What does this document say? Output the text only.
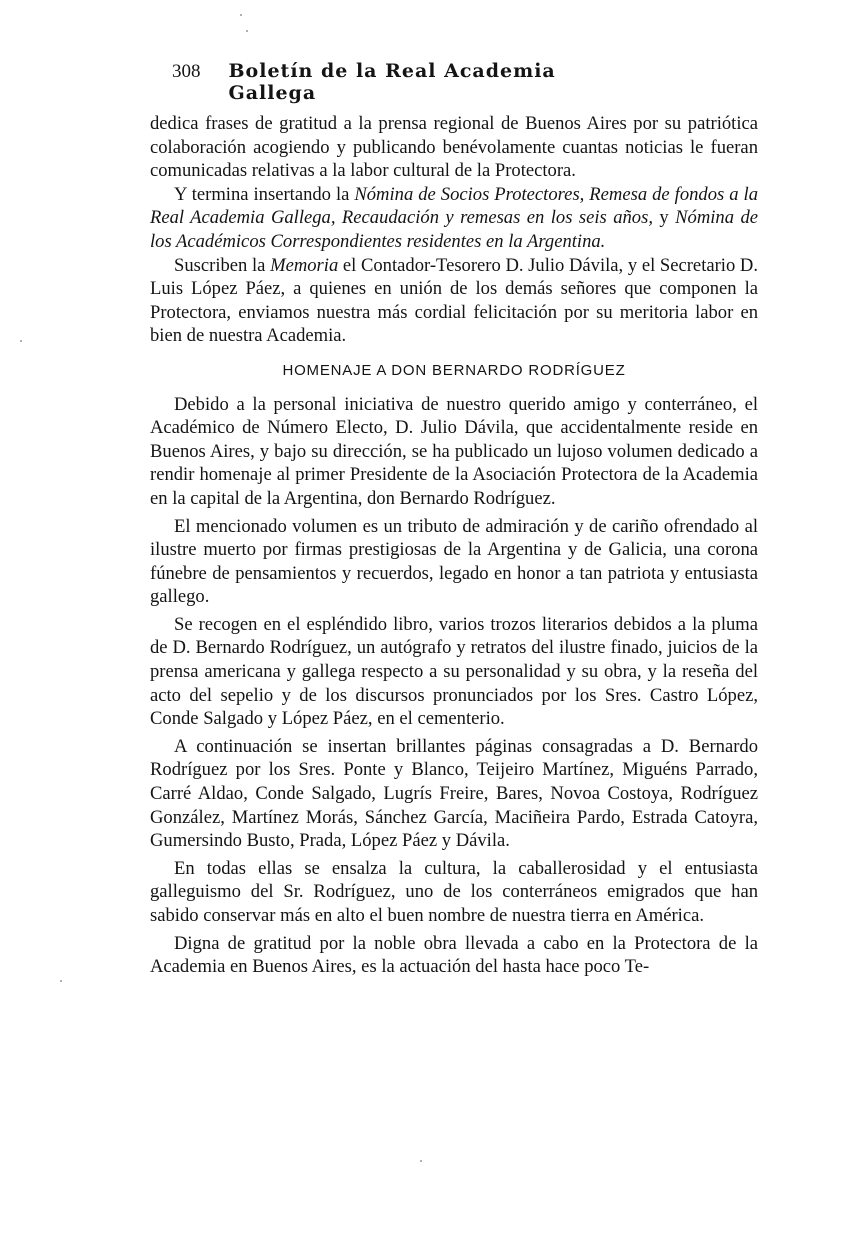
308 Boletín de la Real Academia Gallega

dedica frases de gratitud a la prensa regional de Buenos Aires por su patriótica colaboración acogiendo y publicando benévolamente cuantas noticias le fueran comunicadas relativas a la labor cultural de la Protectora.

Y termina insertando la Nómina de Socios Protectores, Remesa de fondos a la Real Academia Gallega, Recaudación y remesas en los seis años, y Nómina de los Académicos Correspondientes residentes en la Argentina.

Suscriben la Memoria el Contador-Tesorero D. Julio Dávila, y el Secretario D. Luis López Páez, a quienes en unión de los demás señores que componen la Protectora, enviamos nuestra más cordial felicitación por su meritoria labor en bien de nuestra Academia.

HOMENAJE A DON BERNARDO RODRÍGUEZ

Debido a la personal iniciativa de nuestro querido amigo y conterráneo, el Académico de Número Electo, D. Julio Dávila, que accidentalmente reside en Buenos Aires, y bajo su dirección, se ha publicado un lujoso volumen dedicado a rendir homenaje al primer Presidente de la Asociación Protectora de la Academia en la capital de la Argentina, don Bernardo Rodríguez.

El mencionado volumen es un tributo de admiración y de cariño ofrendado al ilustre muerto por firmas prestigiosas de la Argentina y de Galicia, una corona fúnebre de pensamientos y recuerdos, legado en honor a tan patriota y entusiasta gallego.

Se recogen en el espléndido libro, varios trozos literarios debidos a la pluma de D. Bernardo Rodríguez, un autógrafo y retratos del ilustre finado, juicios de la prensa americana y gallega respecto a su personalidad y su obra, y la reseña del acto del sepelio y de los discursos pronunciados por los Sres. Castro López, Conde Salgado y López Páez, en el cementerio.

A continuación se insertan brillantes páginas consagradas a D. Bernardo Rodríguez por los Sres. Ponte y Blanco, Teijeiro Martínez, Miguéns Parrado, Carré Aldao, Conde Salgado, Lugrís Freire, Bares, Novoa Costoya, Rodríguez González, Martínez Morás, Sánchez García, Maciñeira Pardo, Estrada Catoyra, Gumersindo Busto, Prada, López Páez y Dávila.

En todas ellas se ensalza la cultura, la caballerosidad y el entusiasta galleguismo del Sr. Rodríguez, uno de los conterráneos emigrados que han sabido conservar más en alto el buen nombre de nuestra tierra en América.

Digna de gratitud por la noble obra llevada a cabo en la Protectora de la Academia en Buenos Aires, es la actuación del hasta hace poco Te-
